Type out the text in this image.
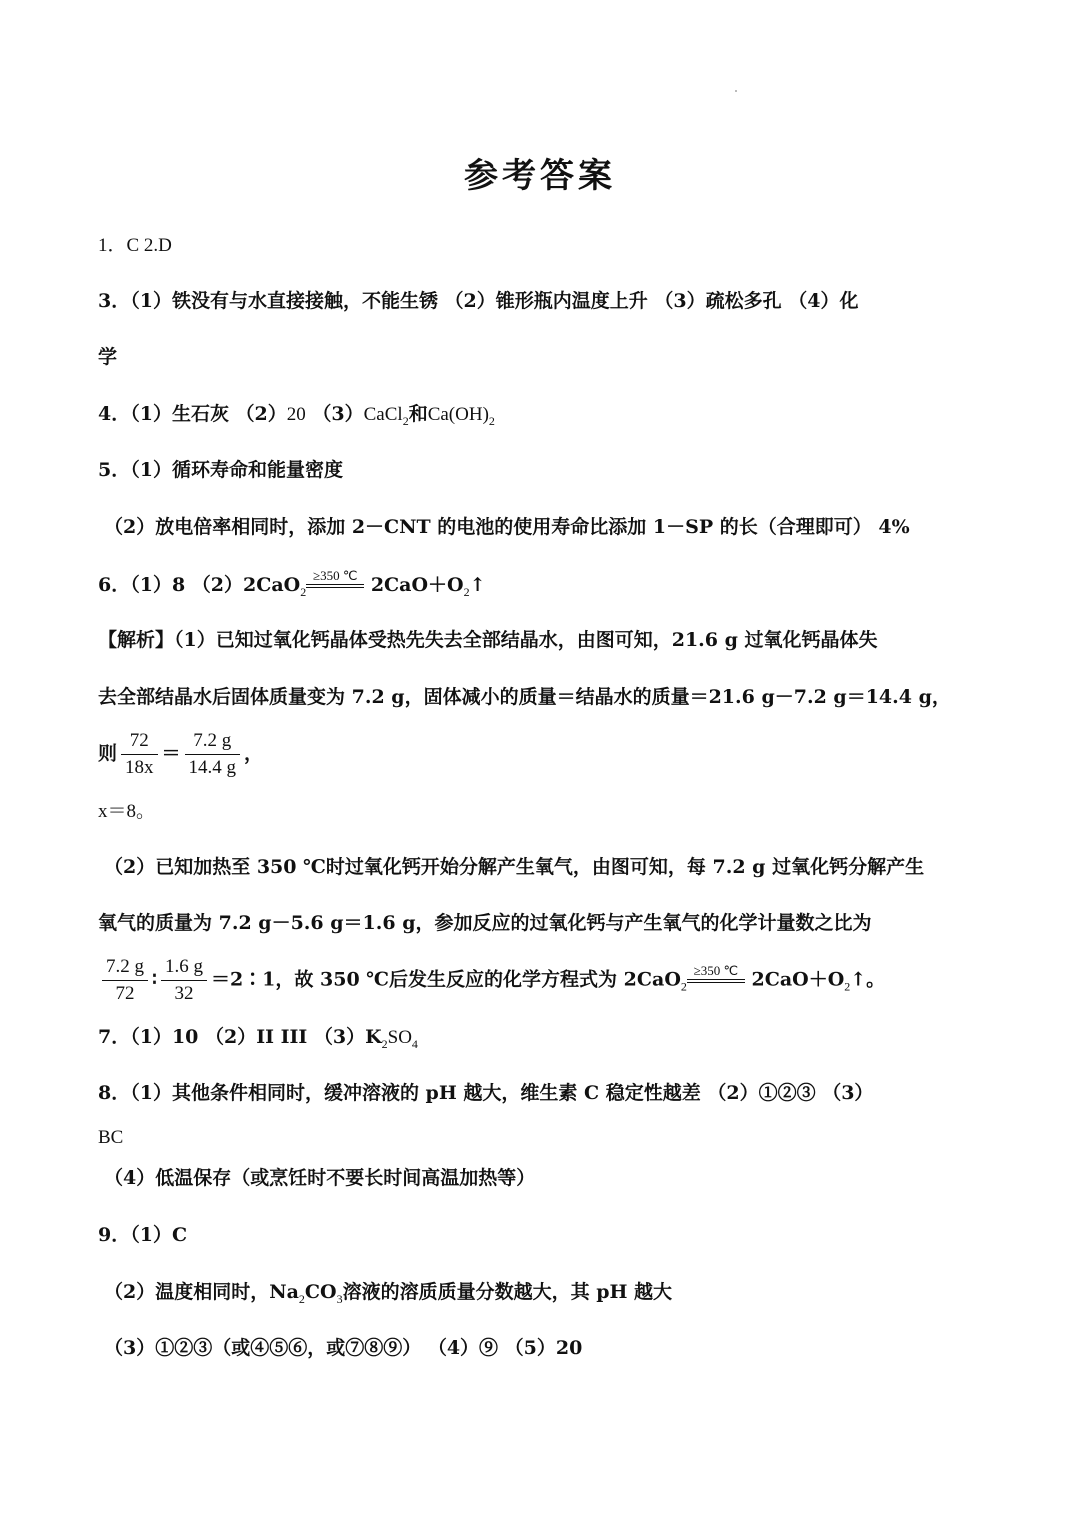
参考答案
1．C 2.D
3．（1）铁没有与水直接接触，不能生锈 （2）锥形瓶内温度上升 （3）疏松多孔 （4）化
学
4．（1）生石灰 （2）20 （3）CaCl$_2$和$Ca(OH)_2$
5．（1）循环寿命和能量密度
（2）放电倍率相同时，添加 2－CNT 的电池的使用寿命比添加 1－SP 的长（合理即可） 4%
6．（1）8 （2）2CaO$_2$
≥350 ℃ $2CaO+O_2↑$
【解析】（1）已知过氧化钙晶体受热先失去全部结晶水，由图可知，21.6 g 过氧化钙晶体失
去全部结晶水后固体质量变为 7.2 g，固体减小的质量＝结晶水的质量＝21.6 g－7.2 g＝14.4 g，
则 $\frac{72}{18x} = \frac{7.2 g}{14.4 g}$ ，
x＝8。
（2）已知加热至 350 ℃时过氧化钙开始分解产生氧气，由图可知，每 7.2 g 过氧化钙分解产生
氧气的质量为 7.2 g－5.6 g＝1.6 g，参加反应的过氧化钙与产生氧气的化学计量数之比为
$\frac{7.2 g}{72}$ ∶ $\frac{1.6 g}{32}$ ＝2∶1，故 350 ℃后发生反应的化学方程式为 2CaO$_2$
≥350 ℃ $2CaO+O_2↑$。
7．（1）10 （2）II III $(3)K_2SO_4$
8．（1）其他条件相同时，缓冲溶液的 pH 越大，维生素 C 稳定性越差 （2）①②③ （3）
BC
（4）低温保存（或烹饪时不要长时间高温加热等）
9．（1）C
（2）温度相同时，$Na_2CO_3$溶液的溶质质量分数越大，其 pH 越大
（3）①②③（或④⑤⑥，或⑦⑧⑨） （4）⑨ （5）20
